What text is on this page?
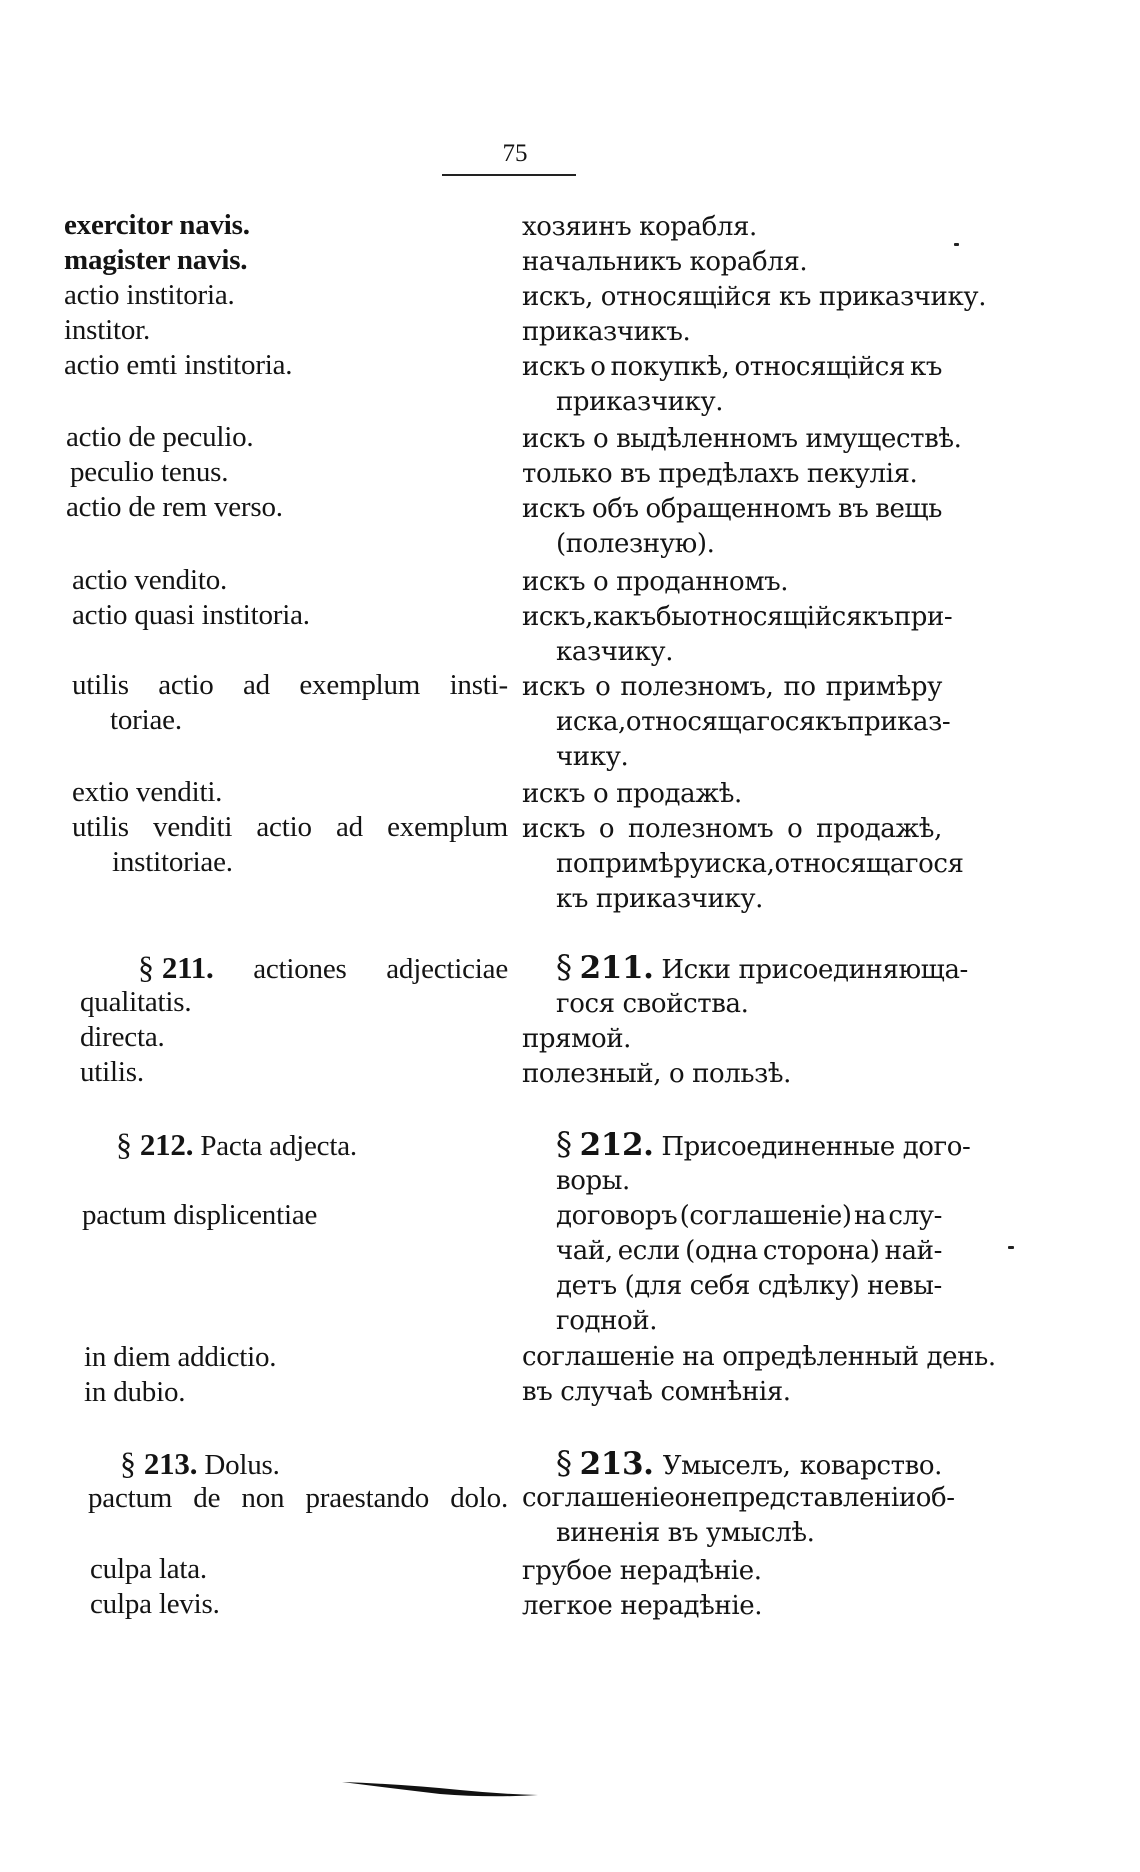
75
exercitor navis.
magister navis.
actio institoria.
institor.
actio emti institoria.
actio de peculio.
peculio tenus.
actio de rem verso.
actio vendito.
actio quasi institoria.
utilis actio ad exemplum insti-
toriae.
extio venditi.
utilis venditi actio ad exemplum
institoriae.
§ 211. actiones adjecticiae
qualitatis.
directa.
utilis.
§ 212. Pacta adjecta.
pactum displicentiae
in diem addictio.
in dubio.
§ 213. Dolus.
pactum de non praestando dolo.
culpa lata.
culpa levis.
хозяинъ корабля.
начальникъ корабля.
искъ, относящійся къ приказчику.
приказчикъ.
искъ о покупкѣ, относящійся къ
приказчику.
искъ о выдѣленномъ имуществѣ.
только въ предѣлахъ пекулія.
искъ объ обращенномъ въ вещь
(полезную).
искъ о проданномъ.
искъ, какъ бы относящійся къ при-
казчику.
искъ о полезномъ, по примѣру
иска, относящагося къ приказ-
чику.
искъ о продажѣ.
искъ о полезномъ о продажѣ,
по примѣру иска, относящагося
къ приказчику.
§ 211. Иски присоединяюща-
гося свойства.
прямой.
полезный, о пользѣ.
§ 212. Присоединенные дого-
воры.
договоръ (соглашеніе) на слу-
чай, если (одна сторона) най-
детъ (для себя сдѣлку) невы-
годной.
соглашеніе на опредѣленный день.
въ случаѣ сомнѣнія.
§ 213. Умыселъ, коварство.
соглашеніе о непредставленіи об-
виненія въ умыслѣ.
грубое нерадѣніе.
легкое нерадѣніе.
